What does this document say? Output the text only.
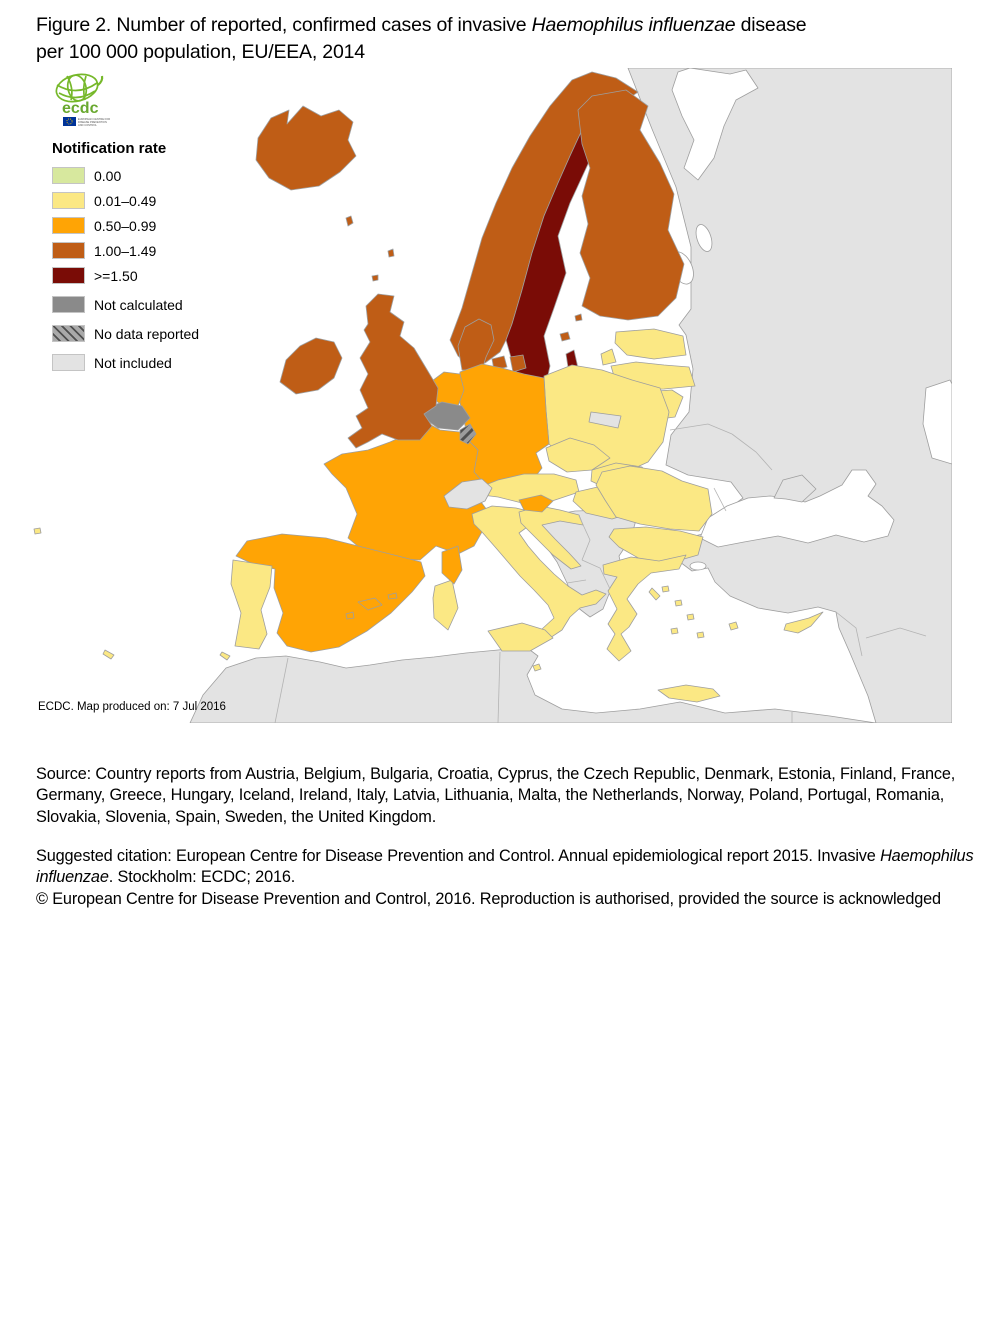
Figure 2. Number of reported, confirmed cases of invasive Haemophilus influenzae disease
per 100 000 population, EU/EEA, 2014
ecdc
EUROPEAN CENTRE FOR
DISEASE PREVENTION
AND CONTROL
Notification rate
0.00
0.01–0.49
0.50–0.99
1.00–1.49
>=1.50
Not calculated
No data reported
Not included
ECDC. Map produced on: 7 Jul 2016

Source: Country reports from Austria, Belgium, Bulgaria, Croatia, Cyprus, the Czech Republic, Denmark, Estonia, Finland, France, Germany, Greece, Hungary, Iceland, Ireland, Italy, Latvia, Lithuania, Malta, the Netherlands, Norway, Poland, Portugal, Romania, Slovakia, Slovenia, Spain, Sweden, the United Kingdom.

Suggested citation: European Centre for Disease Prevention and Control. Annual epidemiological report 2015. Invasive Haemophilus influenzae. Stockholm: ECDC; 2016.
© European Centre for Disease Prevention and Control, 2016. Reproduction is authorised, provided the source is acknowledged
